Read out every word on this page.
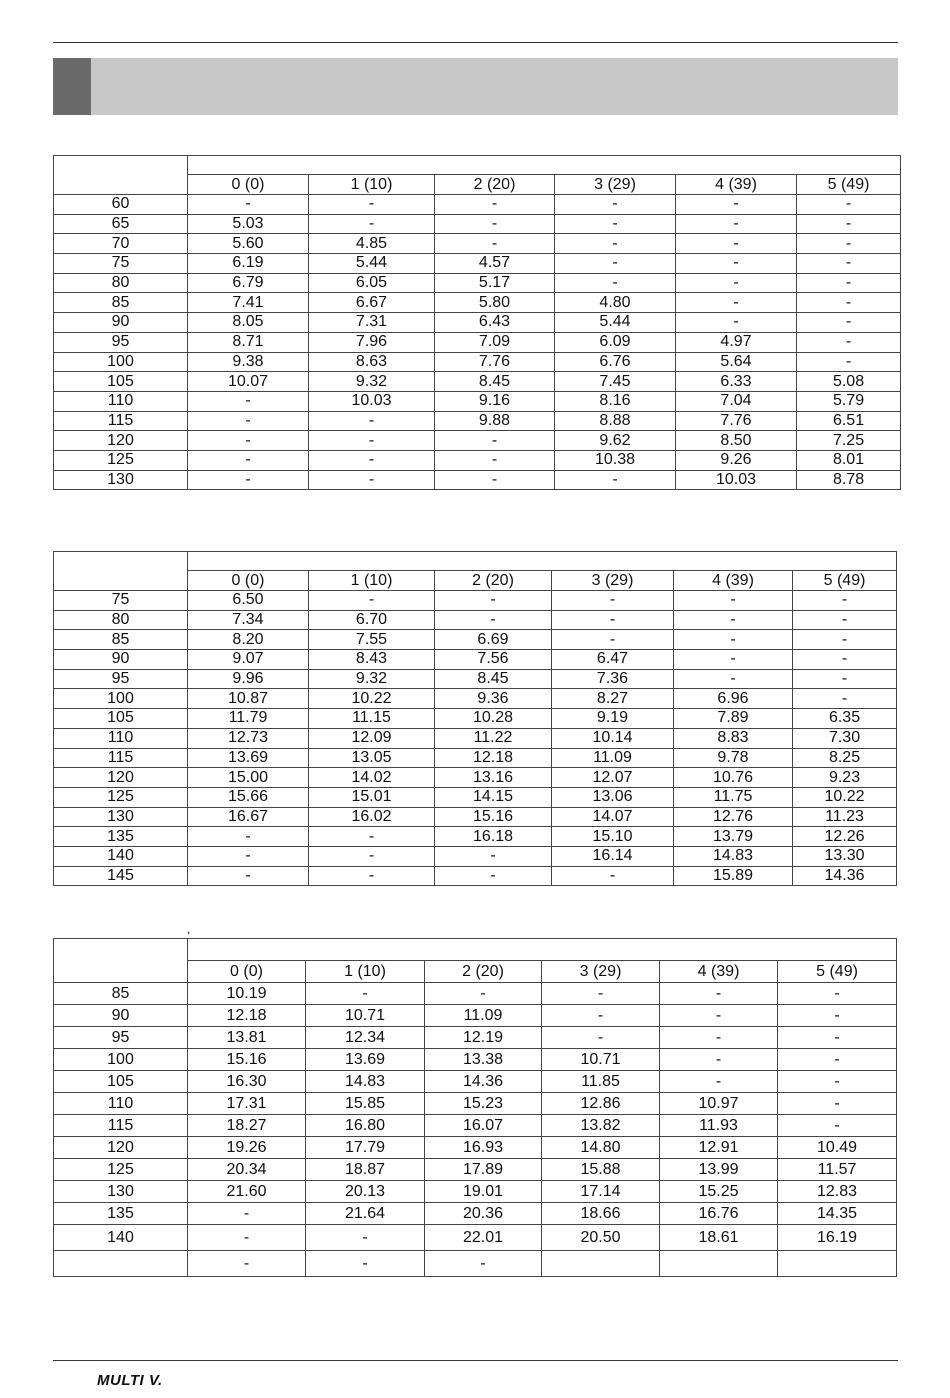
	0 (0)	1 (10)	2 (20)	3 (29)	4 (39)	5 (49)
60	-	-	-	-	-	-
65	5.03	-	-	-	-	-
70	5.60	4.85	-	-	-	-
75	6.19	5.44	4.57	-	-	-
80	6.79	6.05	5.17	-	-	-
85	7.41	6.67	5.80	4.80	-	-
90	8.05	7.31	6.43	5.44	-	-
95	8.71	7.96	7.09	6.09	4.97	-
100	9.38	8.63	7.76	6.76	5.64	-
105	10.07	9.32	8.45	7.45	6.33	5.08
110	-	10.03	9.16	8.16	7.04	5.79
115	-	-	9.88	8.88	7.76	6.51
120	-	-	-	9.62	8.50	7.25
125	-	-	-	10.38	9.26	8.01
130	-	-	-	-	10.03	8.78

	0 (0)	1 (10)	2 (20)	3 (29)	4 (39)	5 (49)
75	6.50	-	-	-	-	-
80	7.34	6.70	-	-	-	-
85	8.20	7.55	6.69	-	-	-
90	9.07	8.43	7.56	6.47	-	-
95	9.96	9.32	8.45	7.36	-	-
100	10.87	10.22	9.36	8.27	6.96	-
105	11.79	11.15	10.28	9.19	7.89	6.35
110	12.73	12.09	11.22	10.14	8.83	7.30
115	13.69	13.05	12.18	11.09	9.78	8.25
120	15.00	14.02	13.16	12.07	10.76	9.23
125	15.66	15.01	14.15	13.06	11.75	10.22
130	16.67	16.02	15.16	14.07	12.76	11.23
135	-	-	16.18	15.10	13.79	12.26
140	-	-	-	16.14	14.83	13.30
145	-	-	-	-	15.89	14.36
,

	0 (0)	1 (10)	2 (20)	3 (29)	4 (39)	5 (49)
85	10.19	-	-	-	-	-
90	12.18	10.71	11.09	-	-	-
95	13.81	12.34	12.19	-	-	-
100	15.16	13.69	13.38	10.71	-	-
105	16.30	14.83	14.36	11.85	-	-
110	17.31	15.85	15.23	12.86	10.97	-
115	18.27	16.80	16.07	13.82	11.93	-
120	19.26	17.79	16.93	14.80	12.91	10.49
125	20.34	18.87	17.89	15.88	13.99	11.57
130	21.60	20.13	19.01	17.14	15.25	12.83
135	-	21.64	20.36	18.66	16.76	14.35
140	-	-	22.01	20.50	18.61	16.19
	-	-	-			
MULTI V.
